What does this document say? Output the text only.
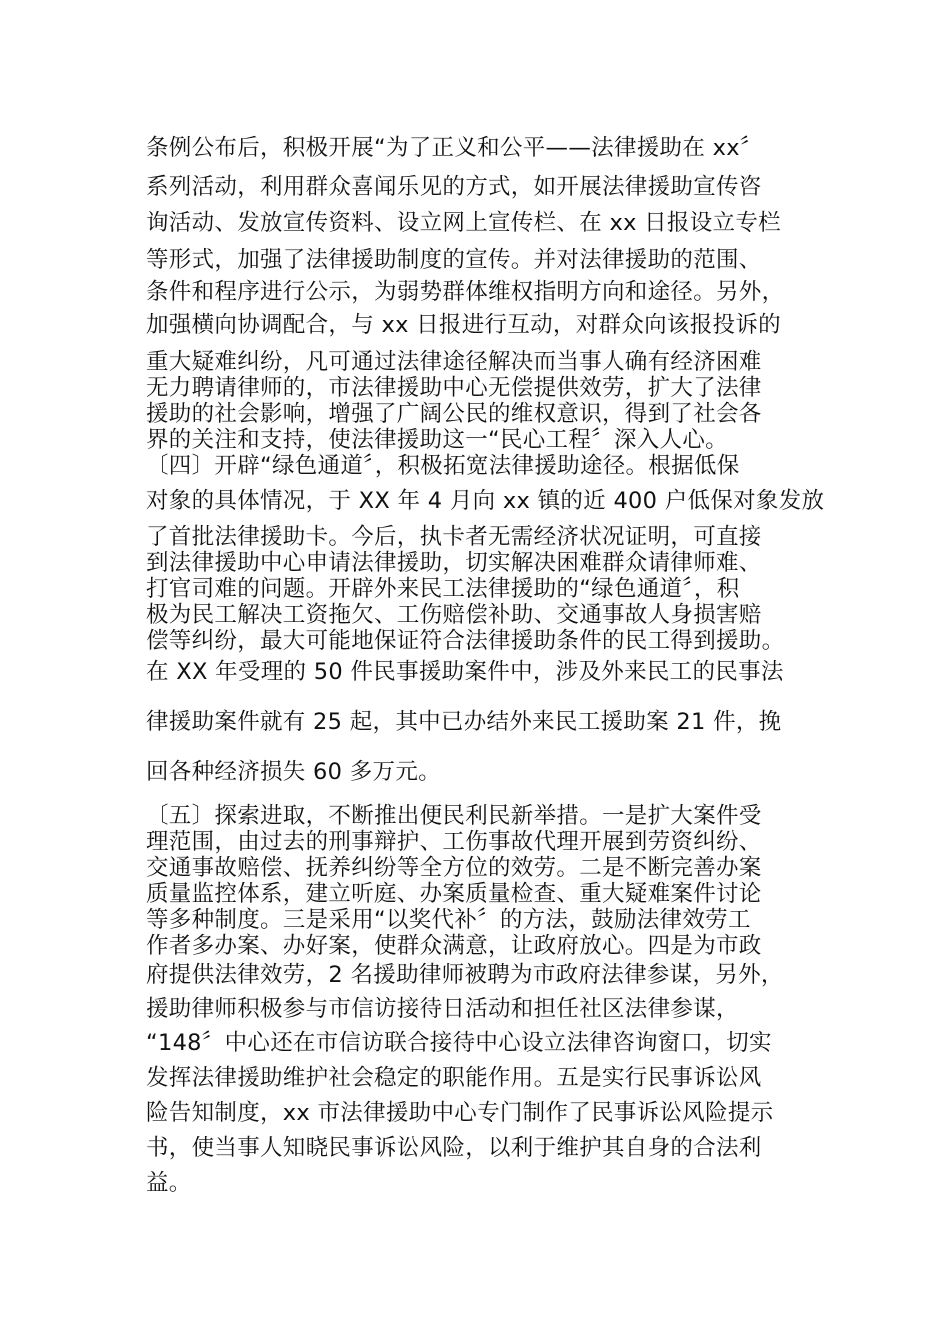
条例公布后，积极开展“为了正义和公平——法律援助在 xx〞
系列活动，利用群众喜闻乐见的方式，如开展法律援助宣传咨
询活动、发放宣传资料、设立网上宣传栏、在 xx 日报设立专栏
等形式，加强了法律援助制度的宣传。并对法律援助的范围、
条件和程序进行公示，为弱势群体维权指明方向和途径。另外，
加强横向协调配合，与 xx 日报进行互动，对群众向该报投诉的
重大疑难纠纷，凡可通过法律途径解决而当事人确有经济困难
无力聘请律师的，市法律援助中心无偿提供效劳，扩大了法律
援助的社会影响，增强了广阔公民的维权意识，得到了社会各
界的关注和支持，使法律援助这一“民心工程〞深入人心。
〔四〕开辟“绿色通道〞，积极拓宽法律援助途径。根据低保
对象的具体情况，于 XX 年 4 月向 xx 镇的近 400 户低保对象发放
了首批法律援助卡。今后，执卡者无需经济状况证明，可直接
到法律援助中心申请法律援助，切实解决困难群众请律师难、
打官司难的问题。开辟外来民工法律援助的“绿色通道〞，积
极为民工解决工资拖欠、工伤赔偿补助、交通事故人身损害赔
偿等纠纷，最大可能地保证符合法律援助条件的民工得到援助。
在 XX 年受理的 50 件民事援助案件中，涉及外来民工的民事法
律援助案件就有 25 起，其中已办结外来民工援助案 21 件，挽
回各种经济损失 60 多万元。
〔五〕探索进取，不断推出便民利民新举措。一是扩大案件受
理范围，由过去的刑事辩护、工伤事故代理开展到劳资纠纷、
交通事故赔偿、抚养纠纷等全方位的效劳。二是不断完善办案
质量监控体系，建立听庭、办案质量检查、重大疑难案件讨论
等多种制度。三是采用“以奖代补〞的方法，鼓励法律效劳工
作者多办案、办好案，使群众满意，让政府放心。四是为市政
府提供法律效劳，2 名援助律师被聘为市政府法律参谋，另外，
援助律师积极参与市信访接待日活动和担任社区法律参谋，
“148〞中心还在市信访联合接待中心设立法律咨询窗口，切实
发挥法律援助维护社会稳定的职能作用。五是实行民事诉讼风
险告知制度，xx 市法律援助中心专门制作了民事诉讼风险提示
书，使当事人知晓民事诉讼风险，以利于维护其自身的合法利
益。
